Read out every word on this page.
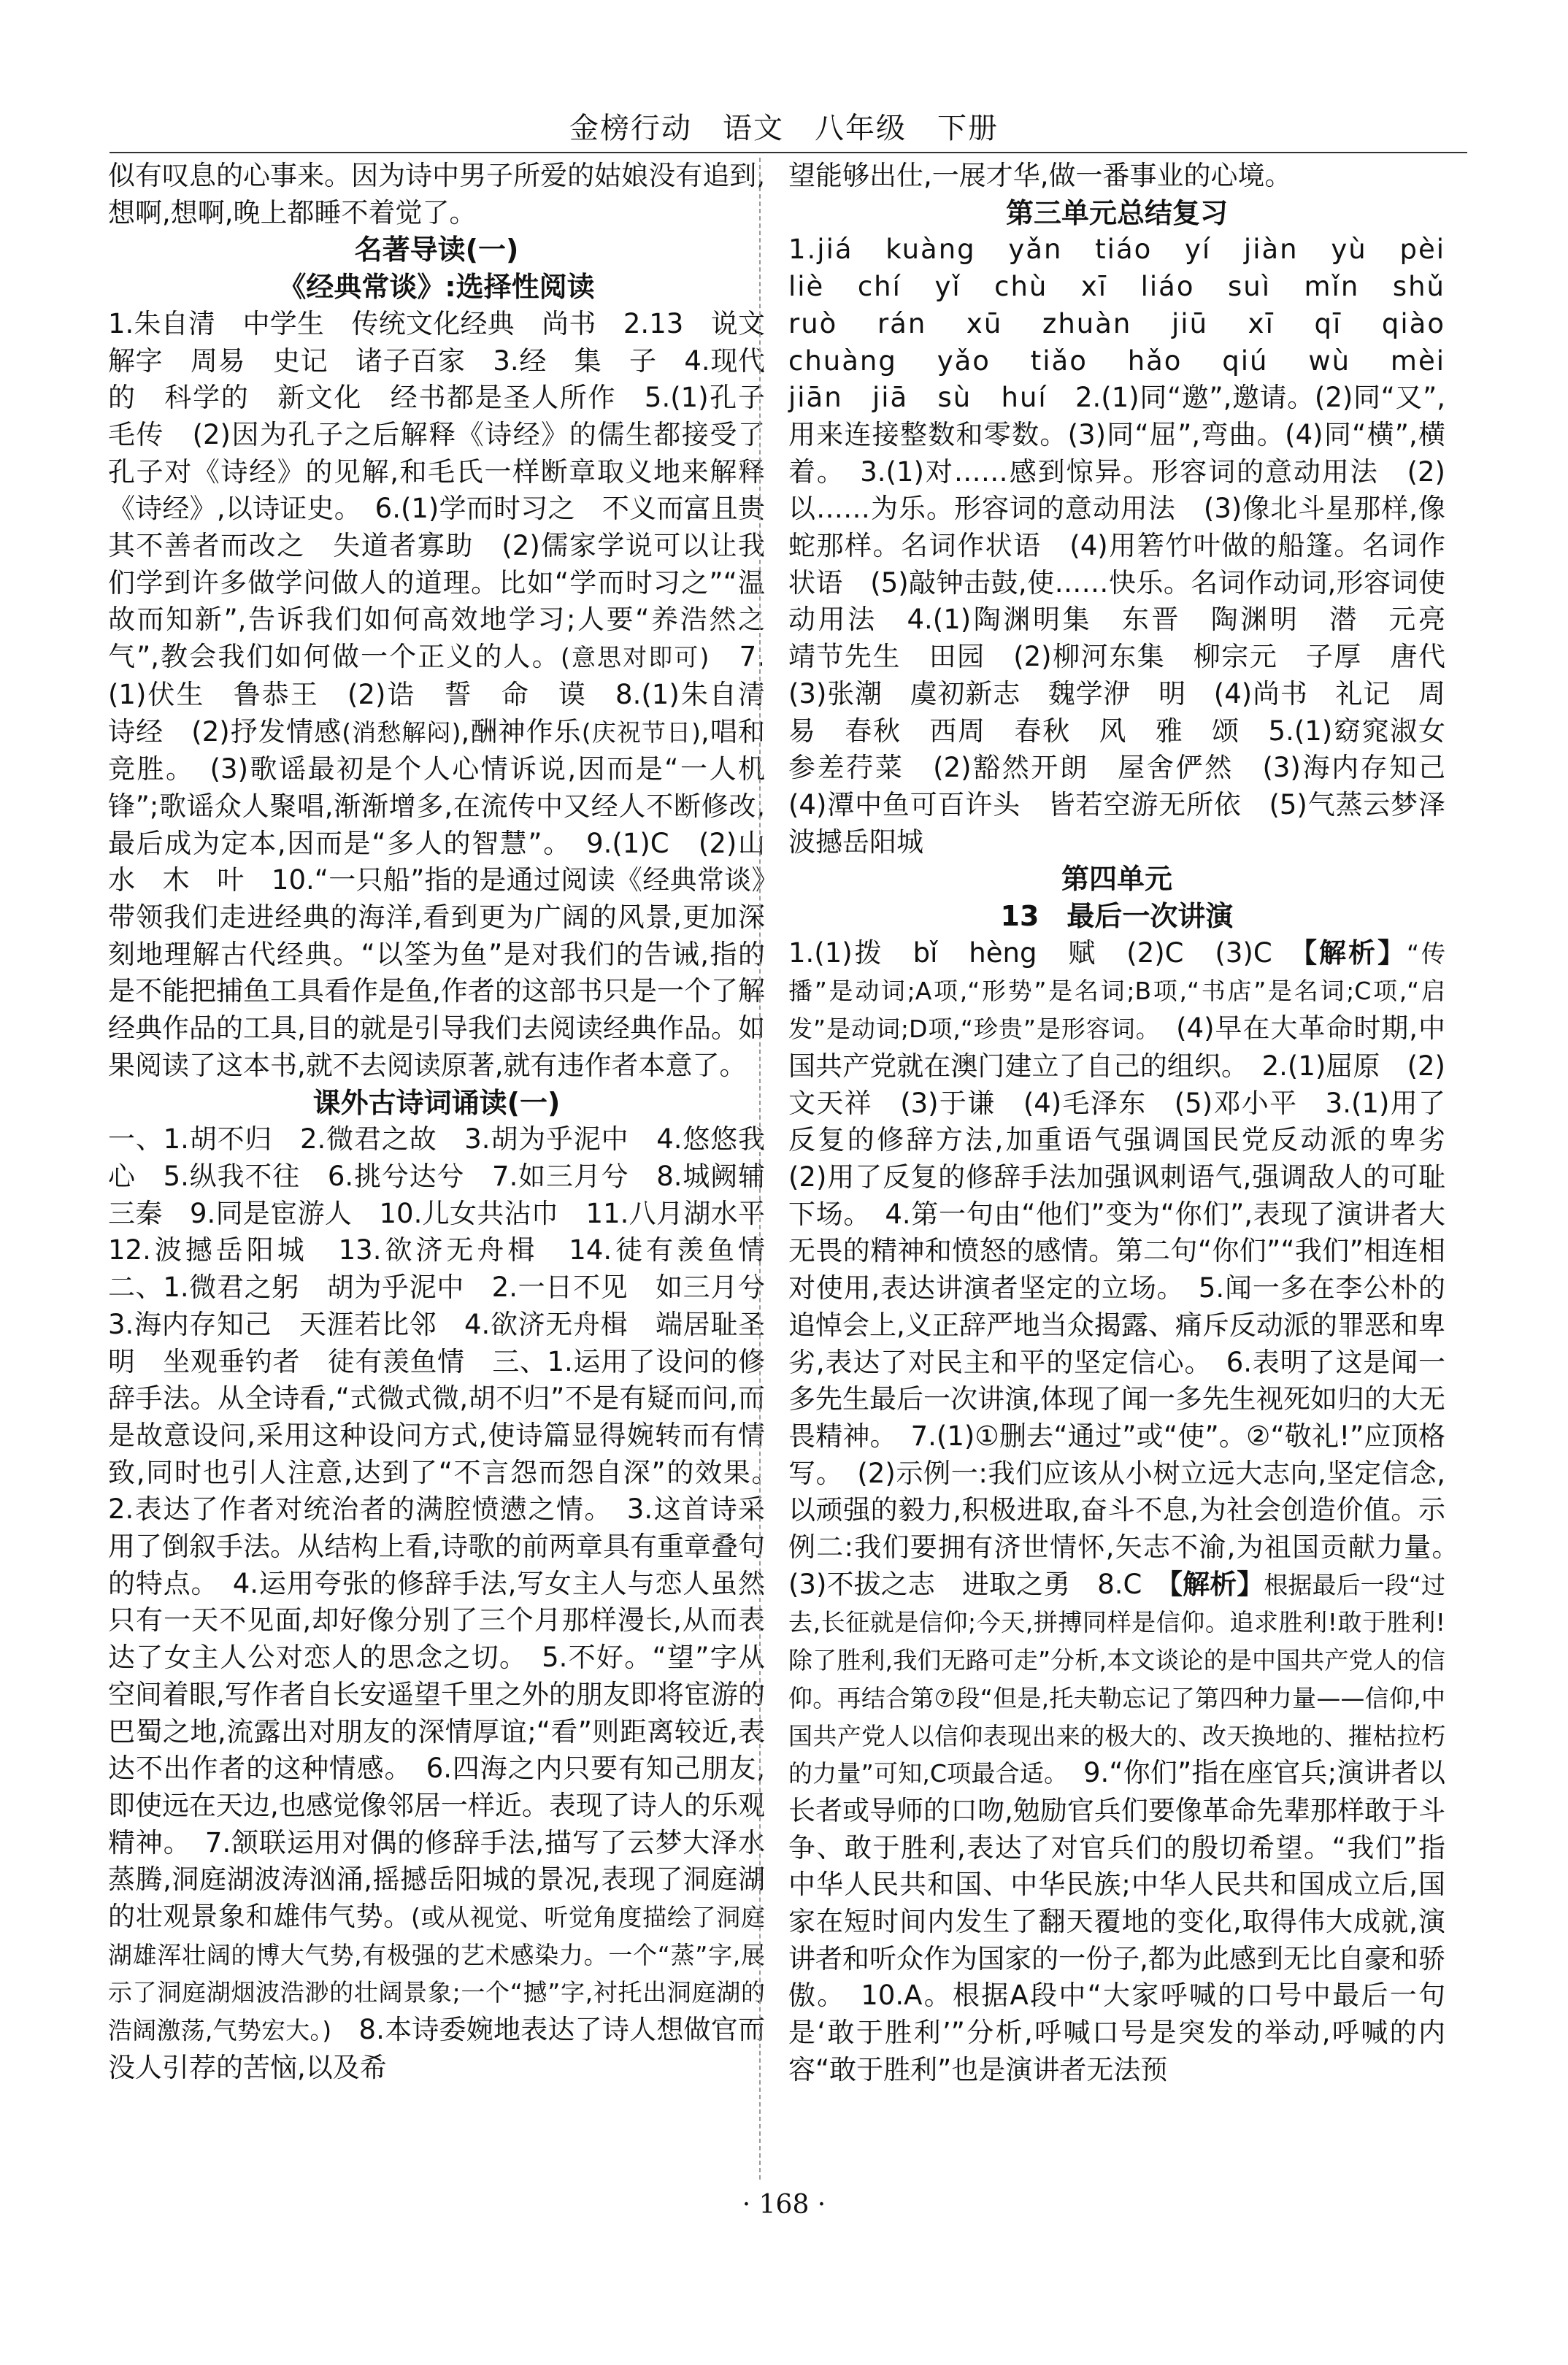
金榜行动　语文　八年级　下册

似有叹息的心事来。因为诗中男子所爱的姑娘没有追到,想啊,想啊,晚上都睡不着觉了。

名著导读(一)
《经典常谈》:选择性阅读

1.朱自清　中学生　传统文化经典　尚书　2.13　说文解字　周易　史记　诸子百家　3.经　集　子　4.现代的　科学的　新文化　经书都是圣人所作　5.(1)孔子　毛传　(2)因为孔子之后解释《诗经》的儒生都接受了孔子对《诗经》的见解,和毛氏一样断章取义地来解释《诗经》,以诗证史。　6.(1)学而时习之　不义而富且贵　其不善者而改之　失道者寡助　(2)儒家学说可以让我们学到许多做学问做人的道理。比如“学而时习之”“温故而知新”,告诉我们如何高效地学习;人要“养浩然之气”,教会我们如何做一个正义的人。(意思对即可)　7.(1)伏生　鲁恭王　(2)诰　誓　命　谟　8.(1)朱自清　诗经　(2)抒发情感(消愁解闷),酬神作乐(庆祝节日),唱和竞胜。　(3)歌谣最初是个人心情诉说,因而是“一人机锋”;歌谣众人聚唱,渐渐增多,在流传中又经人不断修改,最后成为定本,因而是“多人的智慧”。　9.(1)C　(2)山　水　木　叶　10.“一只船”指的是通过阅读《经典常谈》带领我们走进经典的海洋,看到更为广阔的风景,更加深刻地理解古代经典。“以筌为鱼”是对我们的告诫,指的是不能把捕鱼工具看作是鱼,作者的这部书只是一个了解经典作品的工具,目的就是引导我们去阅读经典作品。如果阅读了这本书,就不去阅读原著,就有违作者本意了。

课外古诗词诵读(一)

一、1.胡不归　2.微君之故　3.胡为乎泥中　4.悠悠我心　5.纵我不往　6.挑兮达兮　7.如三月兮　8.城阙辅三秦　9.同是宦游人　10.儿女共沾巾　11.八月湖水平　12.波撼岳阳城　13.欲济无舟楫　14.徒有羡鱼情　二、1.微君之躬　胡为乎泥中　2.一日不见　如三月兮　3.海内存知己　天涯若比邻　4.欲济无舟楫　端居耻圣明　坐观垂钓者　徒有羡鱼情　三、1.运用了设问的修辞手法。从全诗看,“式微式微,胡不归”不是有疑而问,而是故意设问,采用这种设问方式,使诗篇显得婉转而有情致,同时也引人注意,达到了“不言怨而怨自深”的效果。　2.表达了作者对统治者的满腔愤懑之情。　3.这首诗采用了倒叙手法。从结构上看,诗歌的前两章具有重章叠句的特点。　4.运用夸张的修辞手法,写女主人与恋人虽然只有一天不见面,却好像分别了三个月那样漫长,从而表达了女主人公对恋人的思念之切。　5.不好。“望”字从空间着眼,写作者自长安遥望千里之外的朋友即将宦游的巴蜀之地,流露出对朋友的深情厚谊;“看”则距离较近,表达不出作者的这种情感。　6.四海之内只要有知己朋友,即使远在天边,也感觉像邻居一样近。表现了诗人的乐观精神。　7.颔联运用对偶的修辞手法,描写了云梦大泽水蒸腾,洞庭湖波涛汹涌,摇撼岳阳城的景况,表现了洞庭湖的壮观景象和雄伟气势。(或从视觉、听觉角度描绘了洞庭湖雄浑壮阔的博大气势,有极强的艺术感染力。一个“蒸”字,展示了洞庭湖烟波浩渺的壮阔景象;一个“撼”字,衬托出洞庭湖的浩阔激荡,气势宏大。)　8.本诗委婉地表达了诗人想做官而没人引荐的苦恼,以及希

望能够出仕,一展才华,做一番事业的心境。

第三单元总结复习

1.jiá　kuàng　yǎn　tiáo　yí　jiàn　yù　pèi　liè　chí　yǐ　chù　xī　liáo　suì　mǐn　shǔ　ruò　rán　xū　zhuàn　jiū　xī　qī　qiào　chuàng　yǎo　tiǎo　hǎo　qiú　wù　mèi　jiān　jiā　sù　huí　2.(1)同“邀”,邀请。(2)同“又”,用来连接整数和零数。(3)同“屈”,弯曲。(4)同“横”,横着。　3.(1)对……感到惊异。形容词的意动用法　(2)以……为乐。形容词的意动用法　(3)像北斗星那样,像蛇那样。名词作状语　(4)用箬竹叶做的船篷。名词作状语　(5)敲钟击鼓,使……快乐。名词作动词,形容词使动用法　4.(1)陶渊明集　东晋　陶渊明　潜　元亮　靖节先生　田园　(2)柳河东集　柳宗元　子厚　唐代　(3)张潮　虞初新志　魏学洢　明　(4)尚书　礼记　周易　春秋　西周　春秋　风　雅　颂　5.(1)窈窕淑女　参差荇菜　(2)豁然开朗　屋舍俨然　(3)海内存知己　(4)潭中鱼可百许头　皆若空游无所依　(5)气蒸云梦泽　波撼岳阳城

第四单元
13　最后一次讲演

1.(1)拨　bǐ　hèng　赋　(2)C　(3)C　【解析】“传播”是动词;A项,“形势”是名词;B项,“书店”是名词;C项,“启发”是动词;D项,“珍贵”是形容词。　(4)早在大革命时期,中国共产党就在澳门建立了自己的组织。　2.(1)屈原　(2)文天祥　(3)于谦　(4)毛泽东　(5)邓小平　3.(1)用了反复的修辞方法,加重语气强调国民党反动派的卑劣　(2)用了反复的修辞手法加强讽刺语气,强调敌人的可耻下场。　4.第一句由“他们”变为“你们”,表现了演讲者大无畏的精神和愤怒的感情。第二句“你们”“我们”相连相对使用,表达讲演者坚定的立场。　5.闻一多在李公朴的追悼会上,义正辞严地当众揭露、痛斥反动派的罪恶和卑劣,表达了对民主和平的坚定信心。　6.表明了这是闻一多先生最后一次讲演,体现了闻一多先生视死如归的大无畏精神。　7.(1)①删去“通过”或“使”。②“敬礼!”应顶格写。　(2)示例一:我们应该从小树立远大志向,坚定信念,以顽强的毅力,积极进取,奋斗不息,为社会创造价值。示例二:我们要拥有济世情怀,矢志不渝,为祖国贡献力量。　(3)不拔之志　进取之勇　8.C　【解析】根据最后一段“过去,长征就是信仰;今天,拼搏同样是信仰。追求胜利!敢于胜利!除了胜利,我们无路可走”分析,本文谈论的是中国共产党人的信仰。再结合第⑦段“但是,托夫勒忘记了第四种力量——信仰,中国共产党人以信仰表现出来的极大的、改天换地的、摧枯拉朽的力量”可知,C项最合适。　9.“你们”指在座官兵;演讲者以长者或导师的口吻,勉励官兵们要像革命先辈那样敢于斗争、敢于胜利,表达了对官兵们的殷切希望。“我们”指中华人民共和国、中华民族;中华人民共和国成立后,国家在短时间内发生了翻天覆地的变化,取得伟大成就,演讲者和听众作为国家的一份子,都为此感到无比自豪和骄傲。　10.A。根据A段中“大家呼喊的口号中最后一句是‘敢于胜利’”分析,呼喊口号是突发的举动,呼喊的内容“敢于胜利”也是演讲者无法预

· 168 ·
